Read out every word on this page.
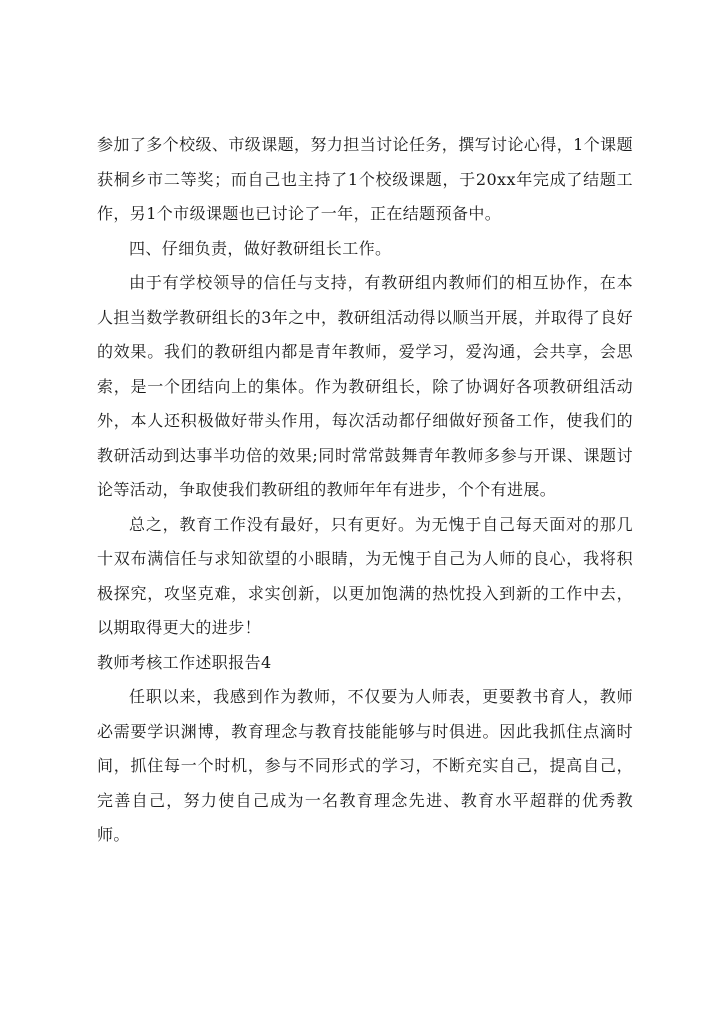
参加了多个校级、市级课题，努力担当讨论任务，撰写讨论心得，1个课题获桐乡市二等奖；而自己也主持了1个校级课题，于20xx年完成了结题工作，另1个市级课题也已讨论了一年，正在结题预备中。

四、仔细负责，做好教研组长工作。

由于有学校领导的信任与支持，有教研组内教师们的相互协作，在本人担当数学教研组长的3年之中，教研组活动得以顺当开展，并取得了良好的效果。我们的教研组内都是青年教师，爱学习，爱沟通，会共享，会思索，是一个团结向上的集体。作为教研组长，除了协调好各项教研组活动外，本人还积极做好带头作用，每次活动都仔细做好预备工作，使我们的教研活动到达事半功倍的效果;同时常常鼓舞青年教师多参与开课、课题讨论等活动，争取使我们教研组的教师年年有进步，个个有进展。

总之，教育工作没有最好，只有更好。为无愧于自己每天面对的那几十双布满信任与求知欲望的小眼睛，为无愧于自己为人师的良心，我将积极探究，攻坚克难，求实创新，以更加饱满的热忱投入到新的工作中去，以期取得更大的进步！

教师考核工作述职报告4

任职以来，我感到作为教师，不仅要为人师表，更要教书育人，教师必需要学识渊博，教育理念与教育技能能够与时俱进。因此我抓住点滴时间，抓住每一个时机，参与不同形式的学习，不断充实自己，提高自己，完善自己，努力使自己成为一名教育理念先进、教育水平超群的优秀教师。
